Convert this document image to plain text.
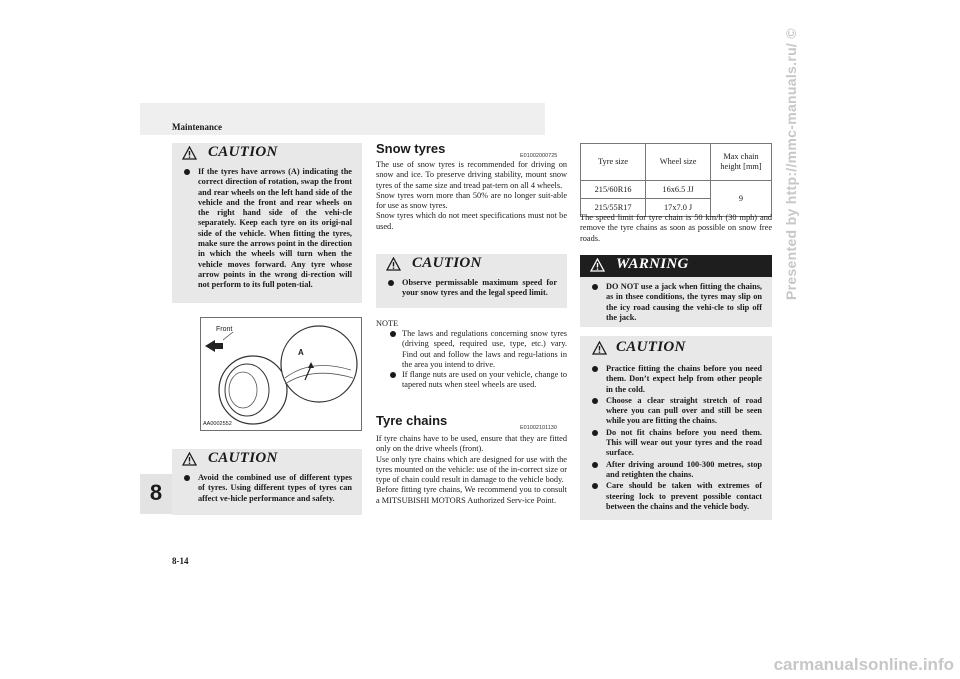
Maintenance
8
8-14
Presented by http://mmc-manuals.ru/ ©
carmanualsonline.info
CAUTION
If the tyres have arrows (A) indicating the correct direction of rotation, swap the front and rear wheels on the left hand side of the vehicle and the front and rear wheels on the right hand side of the vehi-cle separately. Keep each tyre on its origi-nal side of the vehicle. When fitting the tyres, make sure the arrows point in the direction in which the wheels will turn when the vehicle moves forward. Any tyre whose arrow points in the wrong di-rection will not perform to its full poten-tial.
Front
A
AA0002552
CAUTION
Avoid the combined use of different types of tyres. Using different types of tyres can affect ve-hicle performance and safety.
Snow tyres	E01002000725
The use of snow tyres is recommended for driving on snow and ice. To preserve driving stability, mount snow tyres of the same size and tread pat-tern on all 4 wheels.
Snow tyres worn more than 50% are no longer suit-able for use as snow tyres.
Snow tyres which do not meet specifications must not be used.
CAUTION
Observe permissable maximum speed for your snow tyres and the legal speed limit.
NOTE
The laws and regulations concerning snow tyres (driving speed, required use, type, etc.) vary. Find out and follow the laws and regu-lations in the area you intend to drive.
If flange nuts are used on your vehicle, change to tapered nuts when steel wheels are used.
Tyre chains	E01002101130
If tyre chains have to be used, ensure that they are fitted only on the drive wheels (front).
Use only tyre chains which are designed for use with the tyres mounted on the vehicle: use of the in-correct size or type of chain could result in damage to the vehicle body.
Before fitting tyre chains, We recommend you to consult a MITSUBISHI MOTORS Authorized Serv-ice Point.
Tyre size	Wheel size	Max chain height [mm]
215/60R16	16x6.5 JJ	9
215/55R17	17x7.0 J	
The speed limit for tyre chain is 50 km/h (30 mph) and remove the tyre chains as soon as possible on snow free roads.
WARNING
DO NOT use a jack when fitting the chains, as in thsee conditions, the tyres may slip on the icy road causing the vehi-cle to slip off the jack.
CAUTION
Practice fitting the chains before you need them. Don’t expect help from other people in the cold.
Choose a clear straight stretch of road where you can pull over and still be seen while you are fitting the chains.
Do not fit chains before you need them. This will wear out your tyres and the road surface.
After driving around 100-300 metres, stop and retighten the chains.
Care should be taken with extremes of steering lock to prevent possible contact between the chains and the vehicle body.
